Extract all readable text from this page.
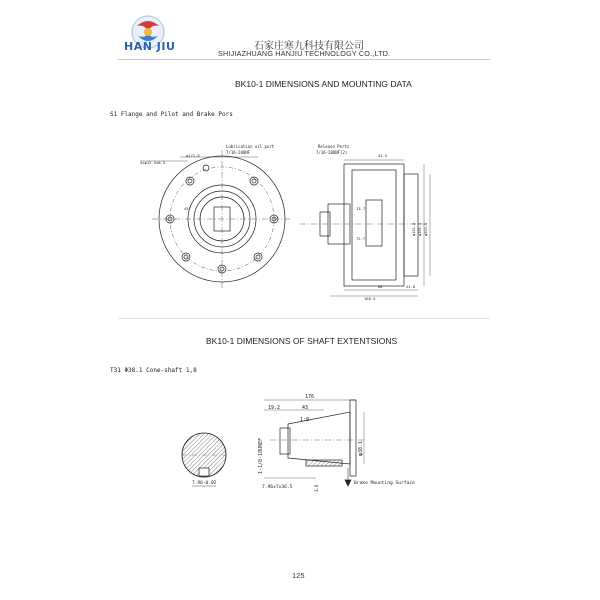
HAN JIU	石家庄寒九科技有限公司
SHIJIAZHUANG HANJIU TECHNOLOGY CO.,LTD.
BK10-1 DIMENSIONS AND MOUNTING DATA
S1 Flange and Pilot and Brake Pors
4×φ12.5±0.5
φ171.8
Lubrication oil port
7/16-20UNF
45°
Release Ports
7/16-20UNF(2)
41.5
13.7
72.7
88	22.8
160.5
φ165.4 φ203.5
φ152.4
BK10-1 DIMENSIONS OF SHAFT EXTENTSIONS
T31 Φ38.1 Cone-shaft 1,8
7.96-0.02
176
19.2	43
1:8
1-1/8-18UNEF	φ38.1
7.96x7x36.5	3.6
Brake Mounting Surface
125
